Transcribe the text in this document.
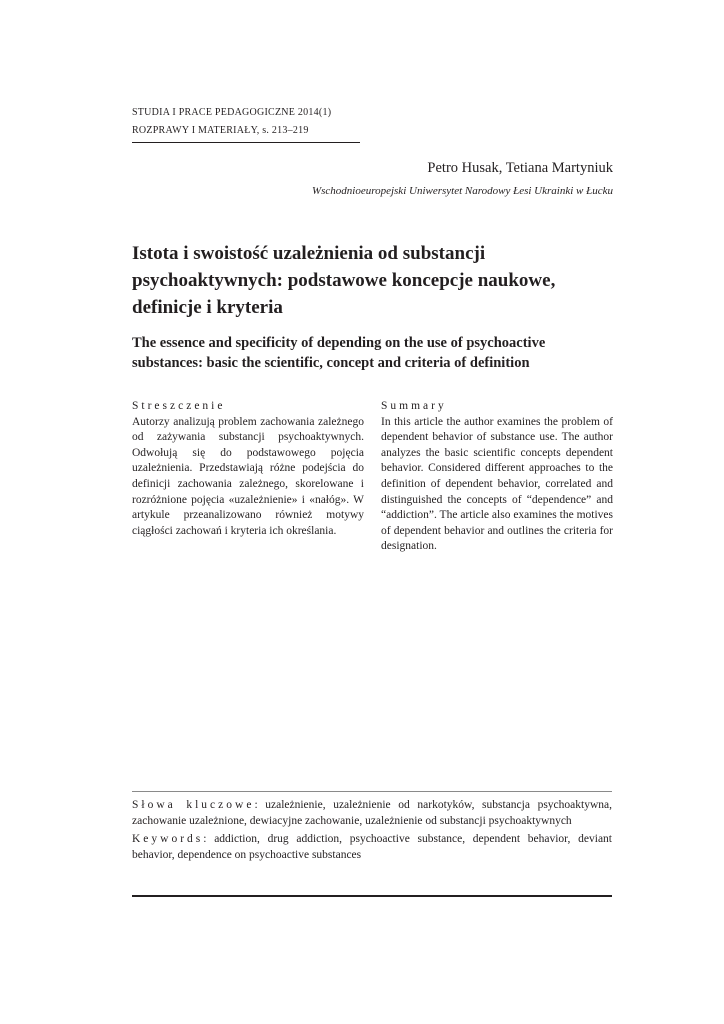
STUDIA I PRACE PEDAGOGICZNE 2014(1)
ROZPRAWY I MATERIAŁY, s. 213–219
Petro Husak, Tetiana Martyniuk
Wschodnioeuropejski Uniwersytet Narodowy Łesi Ukrainki w Łucku
Istota i swoistość uzależnienia od substancji psychoaktywnych: podstawowe koncepcje naukowe, definicje i kryteria
The essence and specificity of depending on the use of psychoactive substances: basic the scientific, concept and criteria of definition
Streszczenie
Autorzy analizują problem zachowania zależnego od zażywania substancji psychoaktywnych. Odwołują się do podstawowego pojęcia uzależnienia. Przedstawiają różne podejścia do definicji zachowania zależnego, skorelowane i rozróżnione pojęcia «uzależnienie» i «nałóg». W artykule przeanalizowano również motywy ciągłości zachowań i kryteria ich określania.
Summary
In this article the author examines the problem of dependent behavior of substance use. The author analyzes the basic scientific concepts dependent behavior. Considered different approaches to the definition of dependent behavior, correlated and distinguished the concepts of “dependence” and “addiction”. The article also examines the motives of dependent behavior and outlines the criteria for designation.
Słowa kluczowe: uzależnienie, uzależnienie od narkotyków, substancja psychoaktywna, zachowanie uzależnione, dewiacyjne zachowanie, uzależnienie od substancji psychoaktywnych
Keywords: addiction, drug addiction, psychoactive substance, dependent behavior, deviant behavior, dependence on psychoactive substances
